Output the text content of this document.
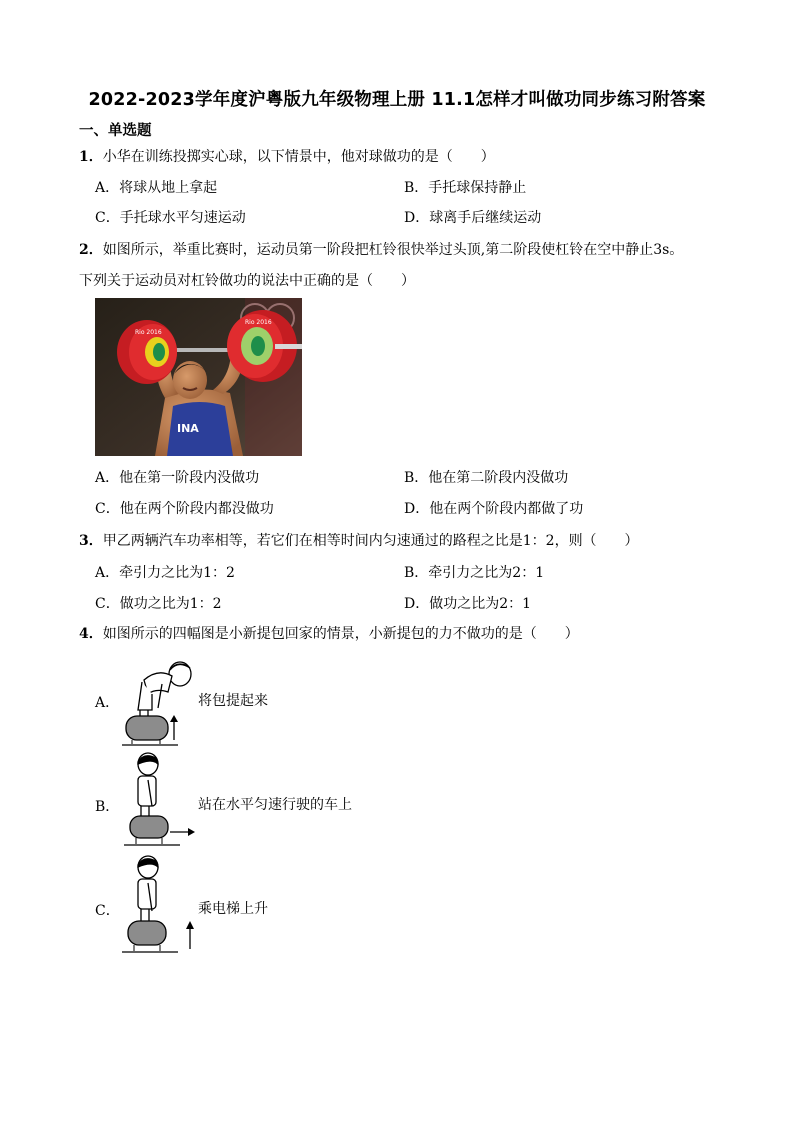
2022-2023学年度沪粤版九年级物理上册 11.1怎样才叫做功同步练习附答案
一、单选题
1．小华在训练投掷实心球，以下情景中，他对球做功的是（　　）
A．将球从地上拿起	B．手托球保持静止
C．手托球水平匀速运动	D．球离手后继续运动
2．如图所示，举重比赛时，运动员第一阶段把杠铃很快举过头顶,第二阶段使杠铃在空中静止3s。
下列关于运动员对杠铃做功的说法中正确的是（　　）
INA
Rio 2016
Rio 2016
A．他在第一阶段内没做功	B．他在第二阶段内没做功
C．他在两个阶段内都没做功	D．他在两个阶段内都做了功
3．甲乙两辆汽车功率相等，若它们在相等时间内匀速通过的路程之比是1：2，则（　　）
A．牵引力之比为1：2	B．牵引力之比为2：1
C．做功之比为1：2	D．做功之比为2：1
4．如图所示的四幅图是小新提包回家的情景，小新提包的力不做功的是（　　）
A．	将包提起来
B．	站在水平匀速行驶的车上
C．	乘电梯上升
